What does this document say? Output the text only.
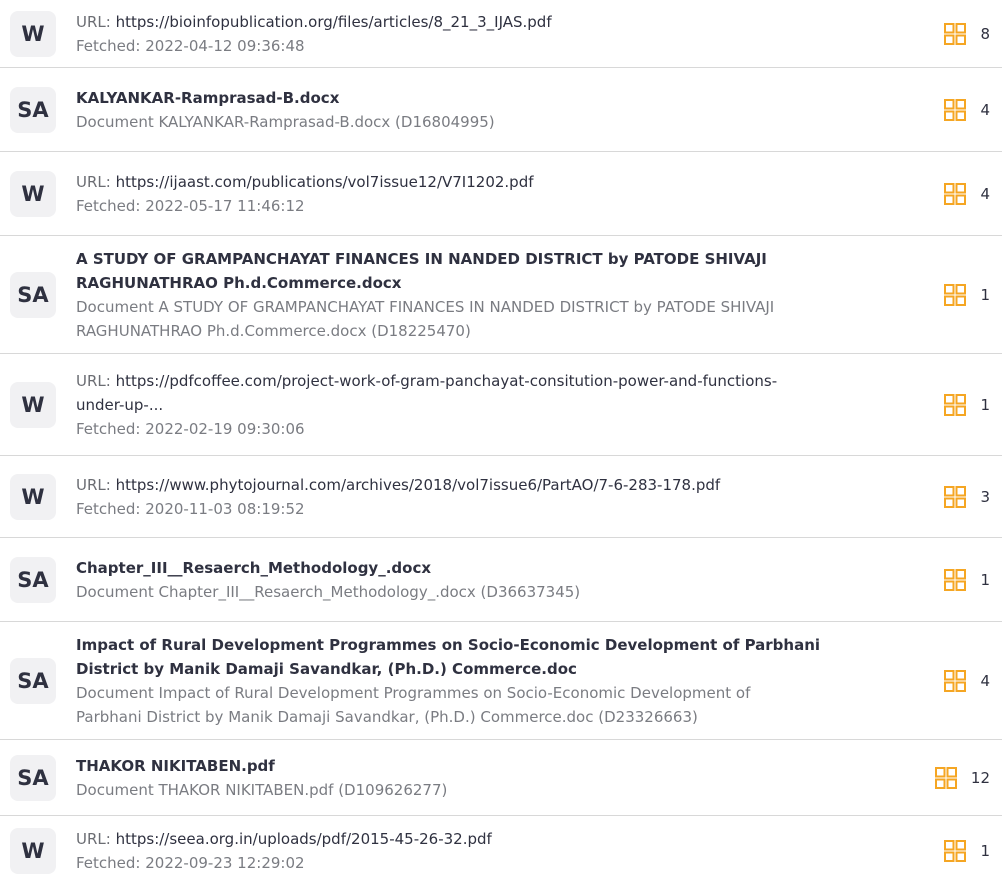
W	URL: https://bioinfopublication.org/files/articles/8_21_3_IJAS.pdf
Fetched: 2022-04-12 09:36:48
8
SA	KALYANKAR-Ramprasad-B.docx
Document KALYANKAR-Ramprasad-B.docx (D16804995)
4
W	URL: https://ijaast.com/publications/vol7issue12/V7I1202.pdf
Fetched: 2022-05-17 11:46:12
4
SA
A STUDY OF GRAMPANCHAYAT FINANCES IN NANDED DISTRICT by PATODE SHIVAJI
RAGHUNATHRAO Ph.d.Commerce.docx
Document A STUDY OF GRAMPANCHAYAT FINANCES IN NANDED DISTRICT by PATODE SHIVAJI
RAGHUNATHRAO Ph.d.Commerce.docx (D18225470)
1
W
URL: https://pdfcoffee.com/project-work-of-gram-panchayat-consitution-power-and-functions-
under-up-...
Fetched: 2022-02-19 09:30:06
1
W	URL: https://www.phytojournal.com/archives/2018/vol7issue6/PartAO/7-6-283-178.pdf
Fetched: 2020-11-03 08:19:52
3
SA	Chapter_III__Resaerch_Methodology_.docx
Document Chapter_III__Resaerch_Methodology_.docx (D36637345)
1
SA
Impact of Rural Development Programmes on Socio-Economic Development of Parbhani
District by Manik Damaji Savandkar, (Ph.D.) Commerce.doc
Document Impact of Rural Development Programmes on Socio-Economic Development of
Parbhani District by Manik Damaji Savandkar, (Ph.D.) Commerce.doc (D23326663)
4
SA	THAKOR NIKITABEN.pdf
Document THAKOR NIKITABEN.pdf (D109626277)
12
W	URL: https://seea.org.in/uploads/pdf/2015-45-26-32.pdf
Fetched: 2022-09-23 12:29:02
1
